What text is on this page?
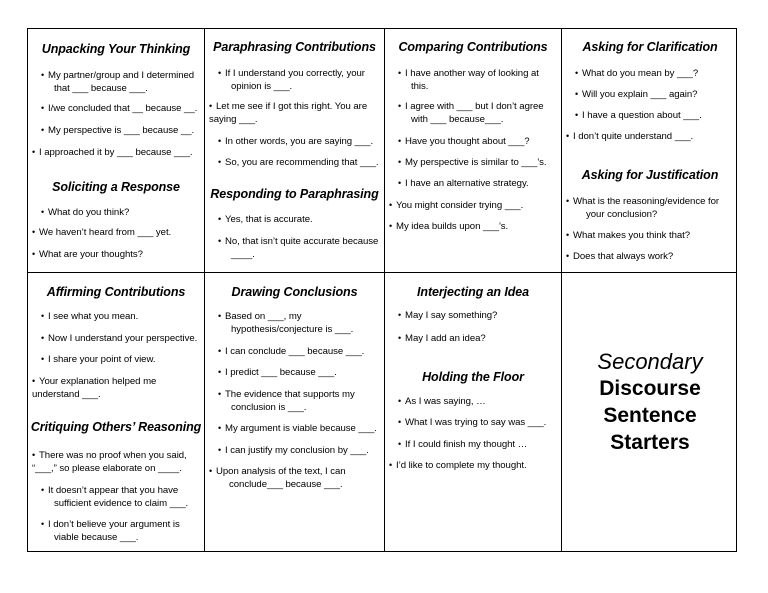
Unpacking Your Thinking
• My partner/group and I determined that ___ because ___.
• I/we concluded that __ because __.
• My perspective is ___ because __.
• I approached it by ___ because ___.
Soliciting a Response
• What do you think?
• We haven’t heard from ___ yet.
• What are your thoughts?
Paraphrasing Contributions
• If I understand you correctly, your opinion is ___.
• Let me see if I got this right. You are saying ___.
• In other words, you are saying ___.
• So, you are recommending that ___.
Responding to Paraphrasing
• Yes, that is accurate.
• No, that isn’t quite accurate because ____.
Comparing Contributions
• I have another way of looking at this.
• I agree with ___ but I don’t agree with ___ because___.
• Have you thought about ___?
• My perspective is similar to ___’s.
• I have an alternative strategy.
• You might consider trying ___.
• My idea builds upon ___’s.
Asking for Clarification
• What do you mean by ___?
• Will you explain ___ again?
• I have a question about ___.
• I don’t quite understand ___.
Asking for Justification
• What is the reasoning/evidence for your conclusion?
• What makes you think that?
• Does that always work?
Affirming Contributions
• I see what you mean.
• Now I understand your perspective.
• I share your point of view.
• Your explanation helped me understand ___.
Critiquing Others’ Reasoning
• There was no proof when you said, “___,” so please elaborate on ____.
• It doesn’t appear that you have sufficient evidence to claim ___.
• I don’t believe your argument is viable because ___.
Drawing Conclusions
• Based on ___, my hypothesis/conjecture is ___.
• I can conclude ___ because ___.
• I predict ___ because ___.
• The evidence that supports my conclusion is ___.
• My argument is viable because ___.
• I can justify my conclusion by ___.
• Upon analysis of the text, I can conclude___ because ___.
Interjecting an Idea
• May I say something?
• May I add an idea?
Holding the Floor
• As I was saying, …
• What I was trying to say was ___.
• If I could finish my thought …
• I’d like to complete my thought.
Secondary
Discourse
Sentence
Starters
